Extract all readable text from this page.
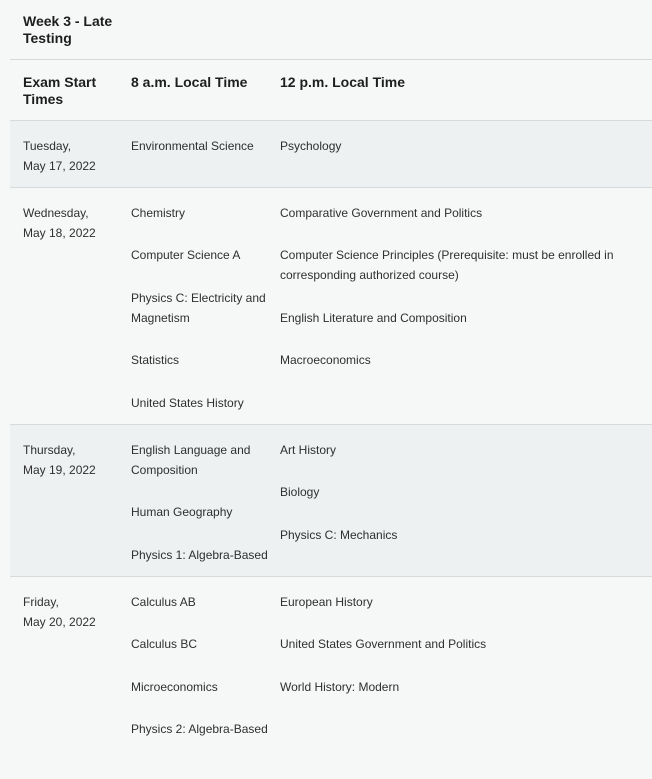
Week 3 - Late Testing
Exam Start Times
8 a.m. Local Time 12 p.m. Local Time
Tuesday,
May 17, 2022
Environmental Science	Psychology
Wednesday,
May 18, 2022
Chemistry
Computer Science A
Physics C: Electricity and Magnetism
Statistics
United States History
Comparative Government and Politics
Computer Science Principles (Prerequisite: must be enrolled in corresponding authorized course)
English Literature and Composition
Macroeconomics
Thursday,
May 19, 2022
English Language and Composition
Human Geography
Physics 1: Algebra-Based
Art History
Biology
Physics C: Mechanics
Friday,
May 20, 2022
Calculus AB
Calculus BC
Microeconomics
Physics 2: Algebra-Based
European History
United States Government and Politics
World History: Modern
